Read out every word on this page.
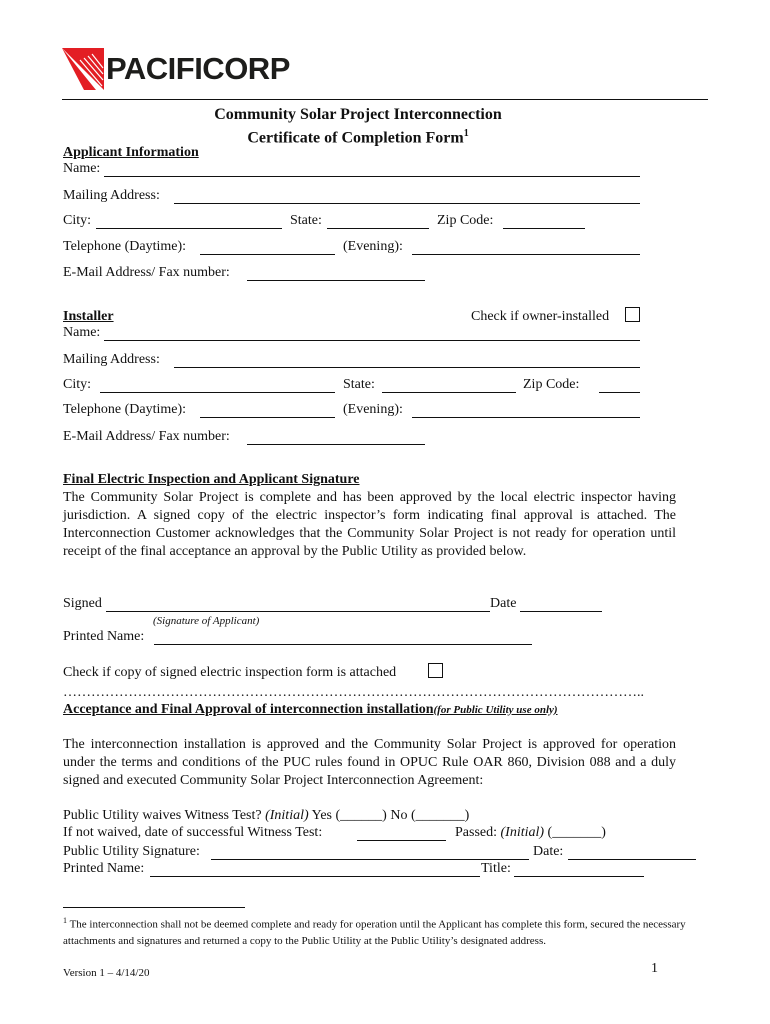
PACIFICORP
Community Solar Project Interconnection
Certificate of Completion Form$^1$
Applicant Information
Name:
Mailing Address:
City:	State:	Zip Code:
Telephone (Daytime):	(Evening):
E-Mail Address/ Fax number:
Installer	Check if owner-installed
Name:
Mailing Address:
City:	State:	Zip Code:
Telephone (Daytime):	(Evening):
E-Mail Address/ Fax number:
Final Electric Inspection and Applicant Signature
The Community Solar Project is complete and has been approved by the local electric inspector having jurisdiction. A signed copy of the electric inspector’s form indicating final approval is attached. The Interconnection Customer acknowledges that the Community Solar Project is not ready for operation until receipt of the final acceptance an approval by the Public Utility as provided below.
Signed	Date
(Signature of Applicant)
Printed Name:
Check if copy of signed electric inspection form is attached
……………………………………………………………………………………………………………..
Acceptance and Final Approval of interconnection installation(for Public Utility use only)
The interconnection installation is approved and the Community Solar Project is approved for operation under the terms and conditions of the PUC rules found in OPUC Rule OAR 860, Division 088 and a duly signed and executed Community Solar Project Interconnection Agreement:
Public Utility waives Witness Test? (Initial) Yes (______) No (_______)
If not waived, date of successful Witness Test:	Passed: (Initial) (_______)
Public Utility Signature:	Date:
Printed Name:	Title:
$^1$ The interconnection shall not be deemed complete and ready for operation until the Applicant has complete this form, secured the necessary attachments and signatures and returned a copy to the Public Utility at the Public Utility’s designated address.
Version 1 – 4/14/20	1
